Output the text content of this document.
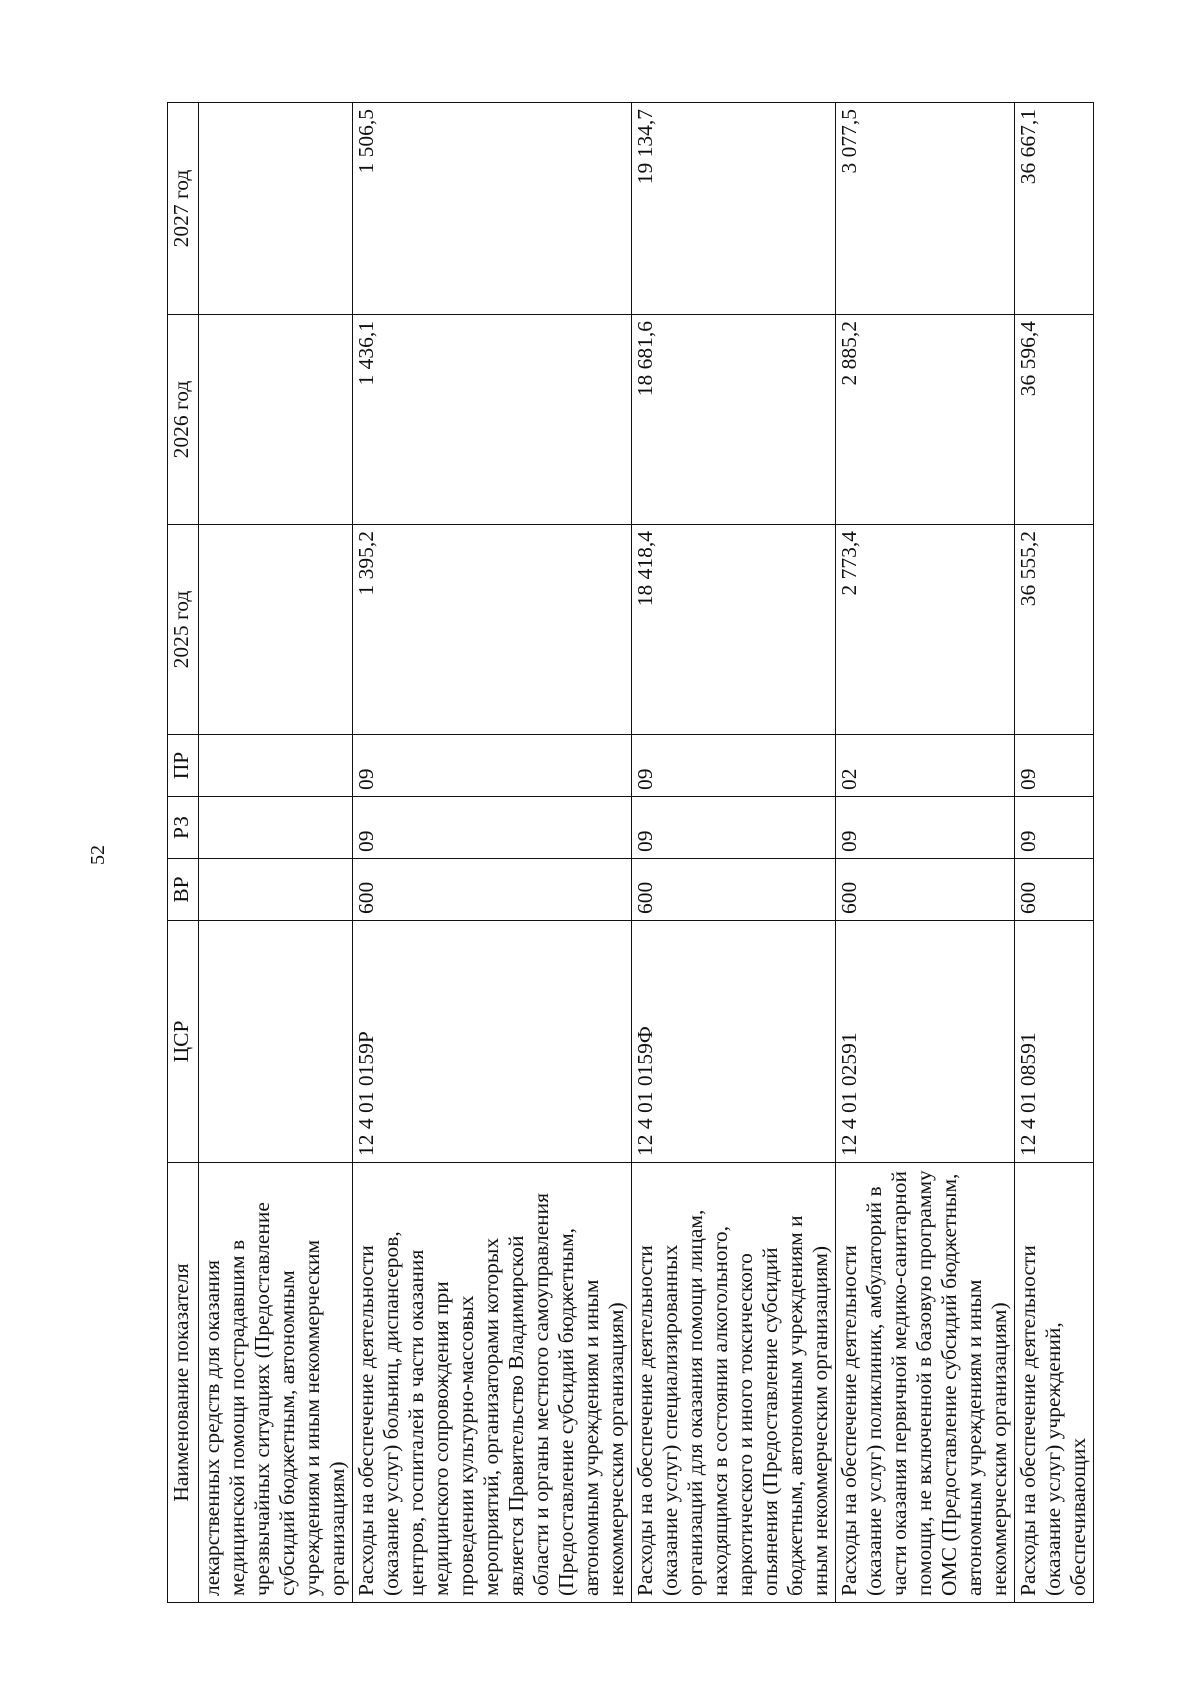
52
Наименование показателя	ЦСР	ВР	РЗ	ПР	2025 год	2026 год	2027 год
лекарственных средств для оказания медицинской помощи пострадавшим в чрезвычайных ситуациях (Предоставление субсидий бюджетным, автономным учреждениям и иным некоммерческим организациям)							
Расходы на обеспечение деятельности (оказание услуг) больниц, диспансеров, центров, госпиталей в части оказания медицинского сопровождения при проведении культурно-массовых мероприятий, организаторами которых является Правительство Владимирской области и органы местного самоуправления (Предоставление субсидий бюджетным, автономным учреждениям и иным некоммерческим организациям)	12 4 01 0159Р	600	09	09	1 395,2	1 436,1	1 506,5
Расходы на обеспечение деятельности (оказание услуг) специализированных организаций для оказания помощи лицам, находящимся в состоянии алкогольного, наркотического и иного токсического опьянения (Предоставление субсидий бюджетным, автономным учреждениям и иным некоммерческим организациям)	12 4 01 0159Ф	600	09	09	18 418,4	18 681,6	19 134,7
Расходы на обеспечение деятельности (оказание услуг) поликлиник, амбулаторий в части оказания первичной медико-санитарной помощи, не включенной в базовую программу ОМС (Предоставление субсидий бюджетным, автономным учреждениям и иным некоммерческим организациям)	12 4 01 02591	600	09	02	2 773,4	2 885,2	3 077,5
Расходы на обеспечение деятельности (оказание услуг) учреждений, обеспечивающих	12 4 01 08591	600	09	09	36 555,2	36 596,4	36 667,1
